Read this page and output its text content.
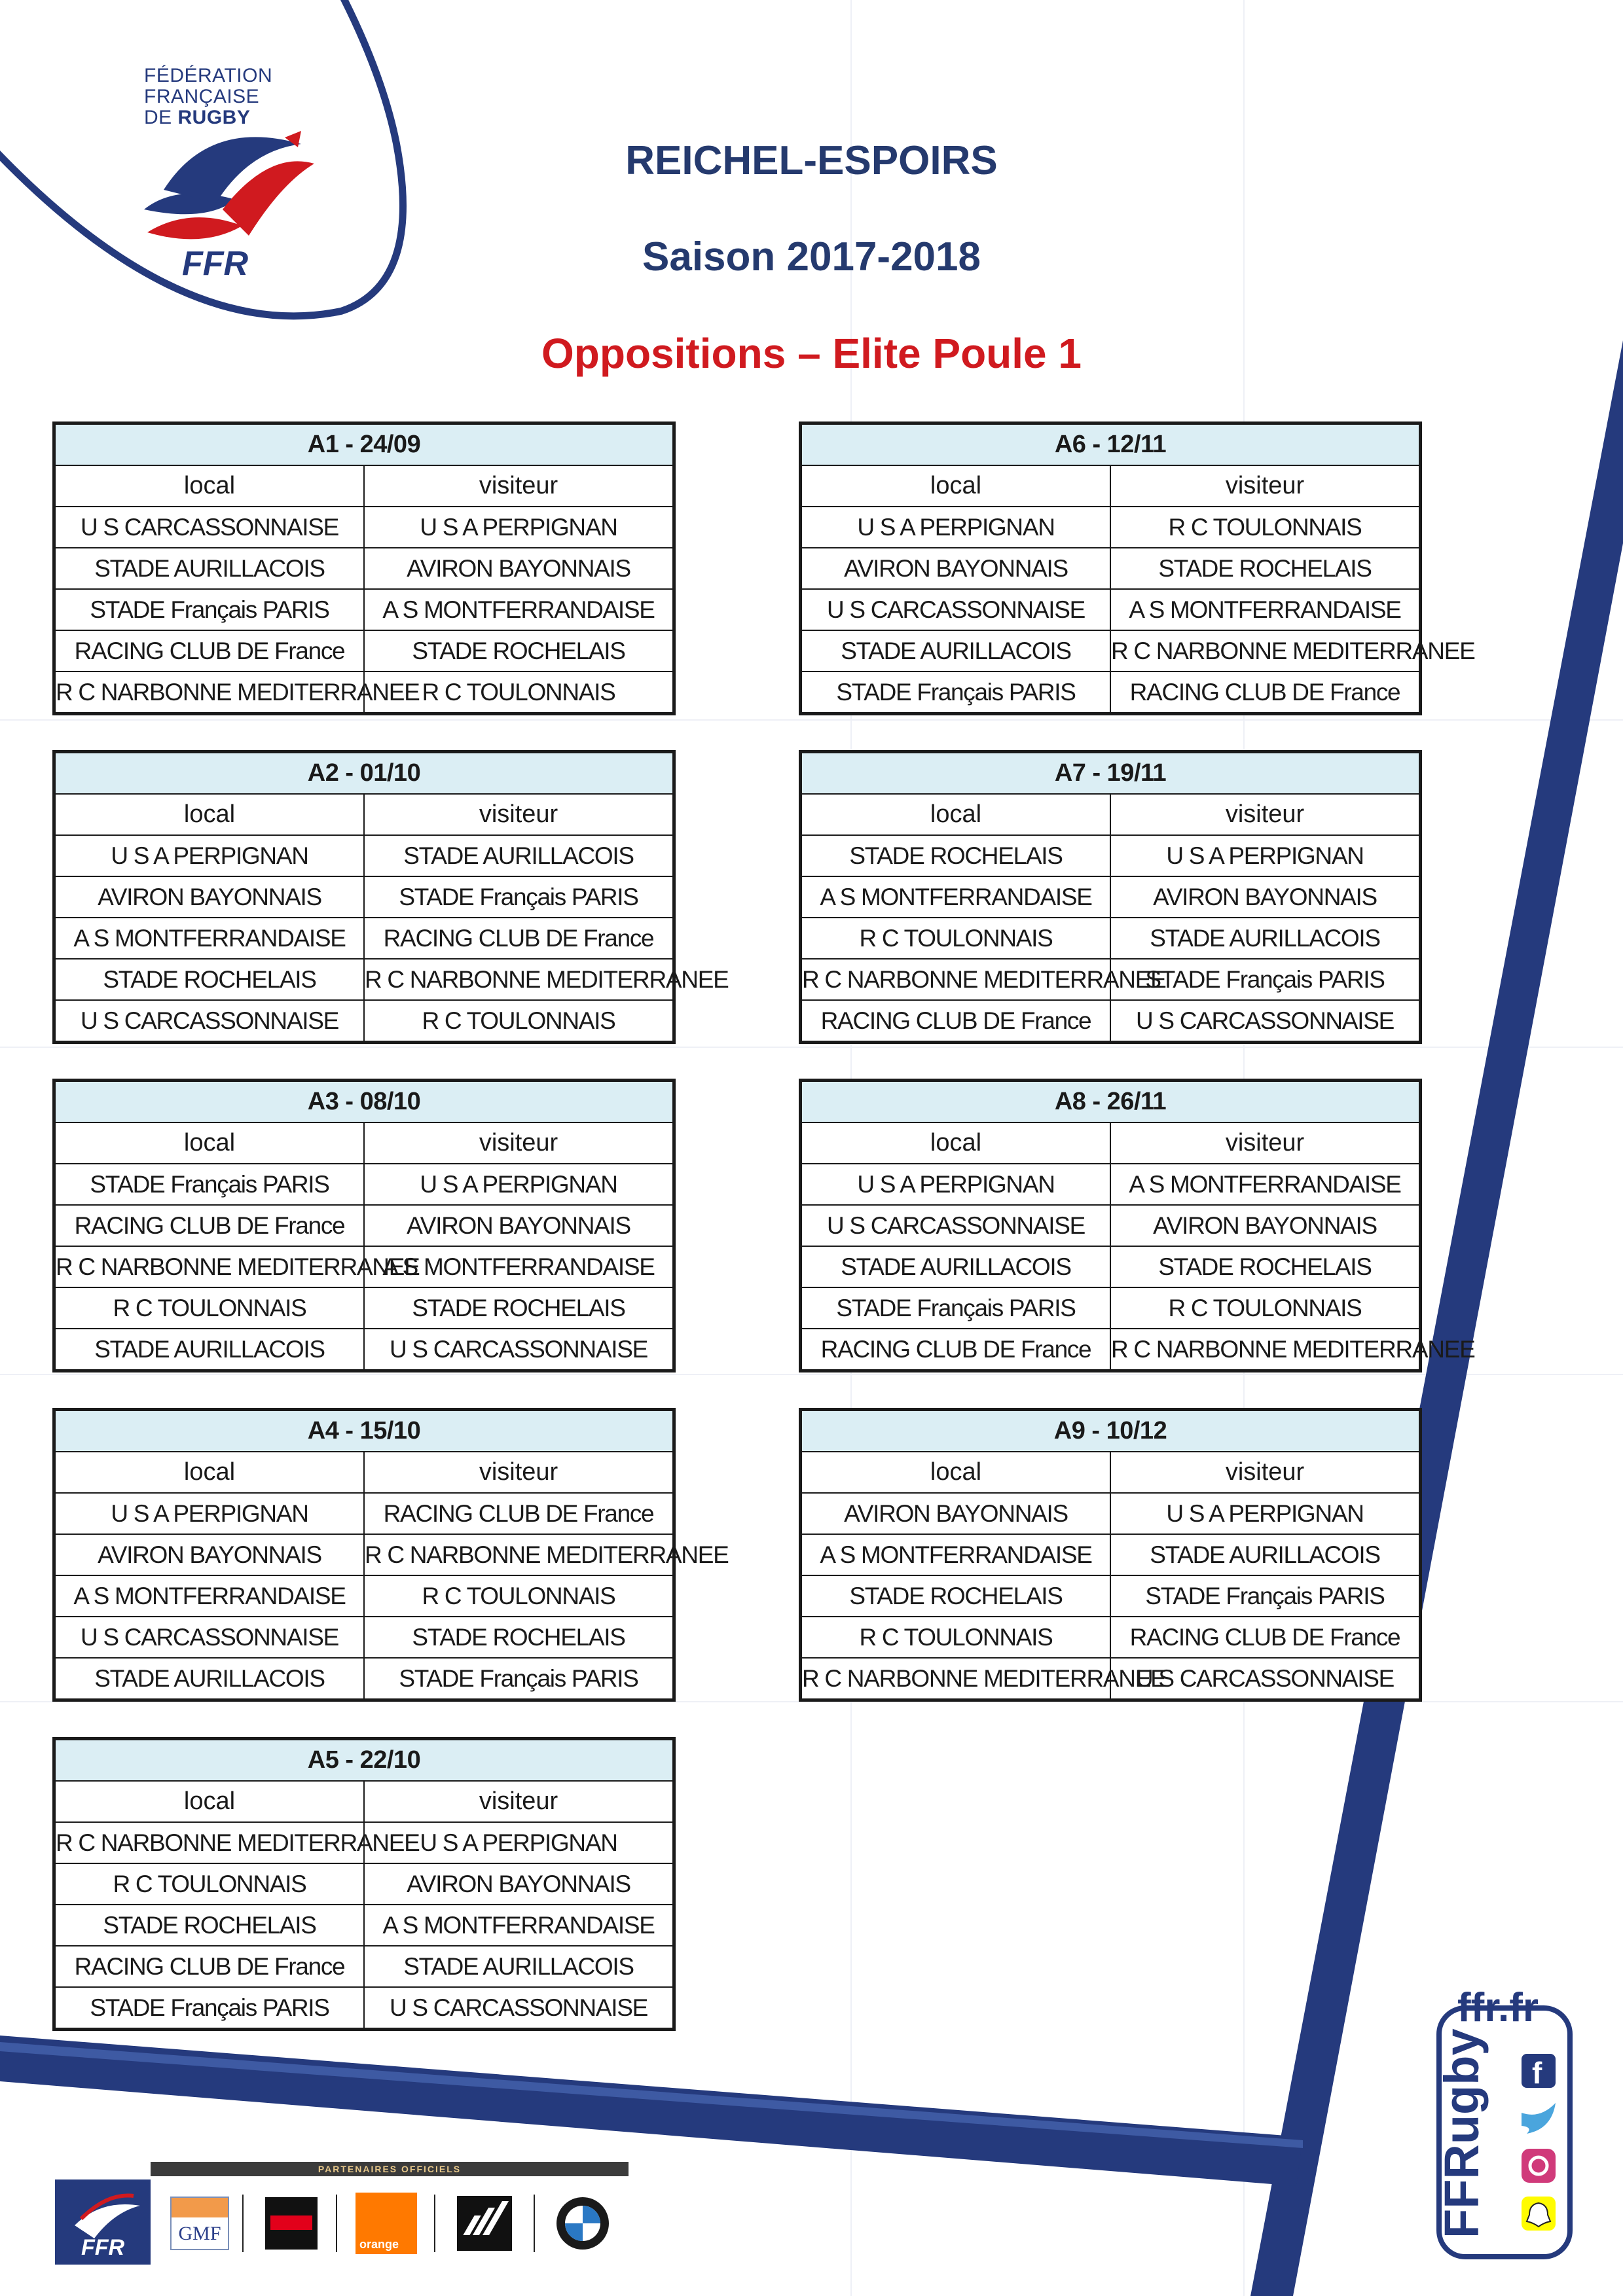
FÉDÉRATION
FRANÇAISE
DE RUGBY
FFR
REICHEL-ESPOIRS
Saison 2017-2018
Oppositions – Elite Poule 1
A1 - 24/09	
local	visiteur
U S CARCASSONNAISE	U S A PERPIGNAN
STADE AURILLACOIS	AVIRON BAYONNAIS
STADE Français PARIS	A S MONTFERRANDAISE
RACING CLUB DE France	STADE ROCHELAIS
R C NARBONNE MEDITERRANEE	R C TOULONNAIS
A2 - 01/10	
local	visiteur
U S A PERPIGNAN	STADE AURILLACOIS
AVIRON BAYONNAIS	STADE Français PARIS
A S MONTFERRANDAISE	RACING CLUB DE France
STADE ROCHELAIS	R C NARBONNE MEDITERRANEE
U S CARCASSONNAISE	R C TOULONNAIS
A3 - 08/10	
local	visiteur
STADE Français PARIS	U S A PERPIGNAN
RACING CLUB DE France	AVIRON BAYONNAIS
R C NARBONNE MEDITERRANEE	A S MONTFERRANDAISE
R C TOULONNAIS	STADE ROCHELAIS
STADE AURILLACOIS	U S CARCASSONNAISE
A4 - 15/10	
local	visiteur
U S A PERPIGNAN	RACING CLUB DE France
AVIRON BAYONNAIS	R C NARBONNE MEDITERRANEE
A S MONTFERRANDAISE	R C TOULONNAIS
U S CARCASSONNAISE	STADE ROCHELAIS
STADE AURILLACOIS	STADE Français PARIS
A5 - 22/10	
local	visiteur
R C NARBONNE MEDITERRANEE	U S A PERPIGNAN
R C TOULONNAIS	AVIRON BAYONNAIS
STADE ROCHELAIS	A S MONTFERRANDAISE
RACING CLUB DE France	STADE AURILLACOIS
STADE Français PARIS	U S CARCASSONNAISE
A6 - 12/11	
local	visiteur
U S A PERPIGNAN	R C TOULONNAIS
AVIRON BAYONNAIS	STADE ROCHELAIS
U S CARCASSONNAISE	A S MONTFERRANDAISE
STADE AURILLACOIS	R C NARBONNE MEDITERRANEE
STADE Français PARIS	RACING CLUB DE France
A7 - 19/11	
local	visiteur
STADE ROCHELAIS	U S A PERPIGNAN
A S MONTFERRANDAISE	AVIRON BAYONNAIS
R C TOULONNAIS	STADE AURILLACOIS
R C NARBONNE MEDITERRANEE	STADE Français PARIS
RACING CLUB DE France	U S CARCASSONNAISE
A8 - 26/11	
local	visiteur
U S A PERPIGNAN	A S MONTFERRANDAISE
U S CARCASSONNAISE	AVIRON BAYONNAIS
STADE AURILLACOIS	STADE ROCHELAIS
STADE Français PARIS	R C TOULONNAIS
RACING CLUB DE France	R C NARBONNE MEDITERRANEE
A9 - 10/12	
local	visiteur
AVIRON BAYONNAIS	U S A PERPIGNAN
A S MONTFERRANDAISE	STADE AURILLACOIS
STADE ROCHELAIS	STADE Français PARIS
R C TOULONNAIS	RACING CLUB DE France
R C NARBONNE MEDITERRANEE	U S CARCASSONNAISE
FFR
PARTENAIRES OFFICIELS
GMF	orange
f
ffr.fr
FFRugby
